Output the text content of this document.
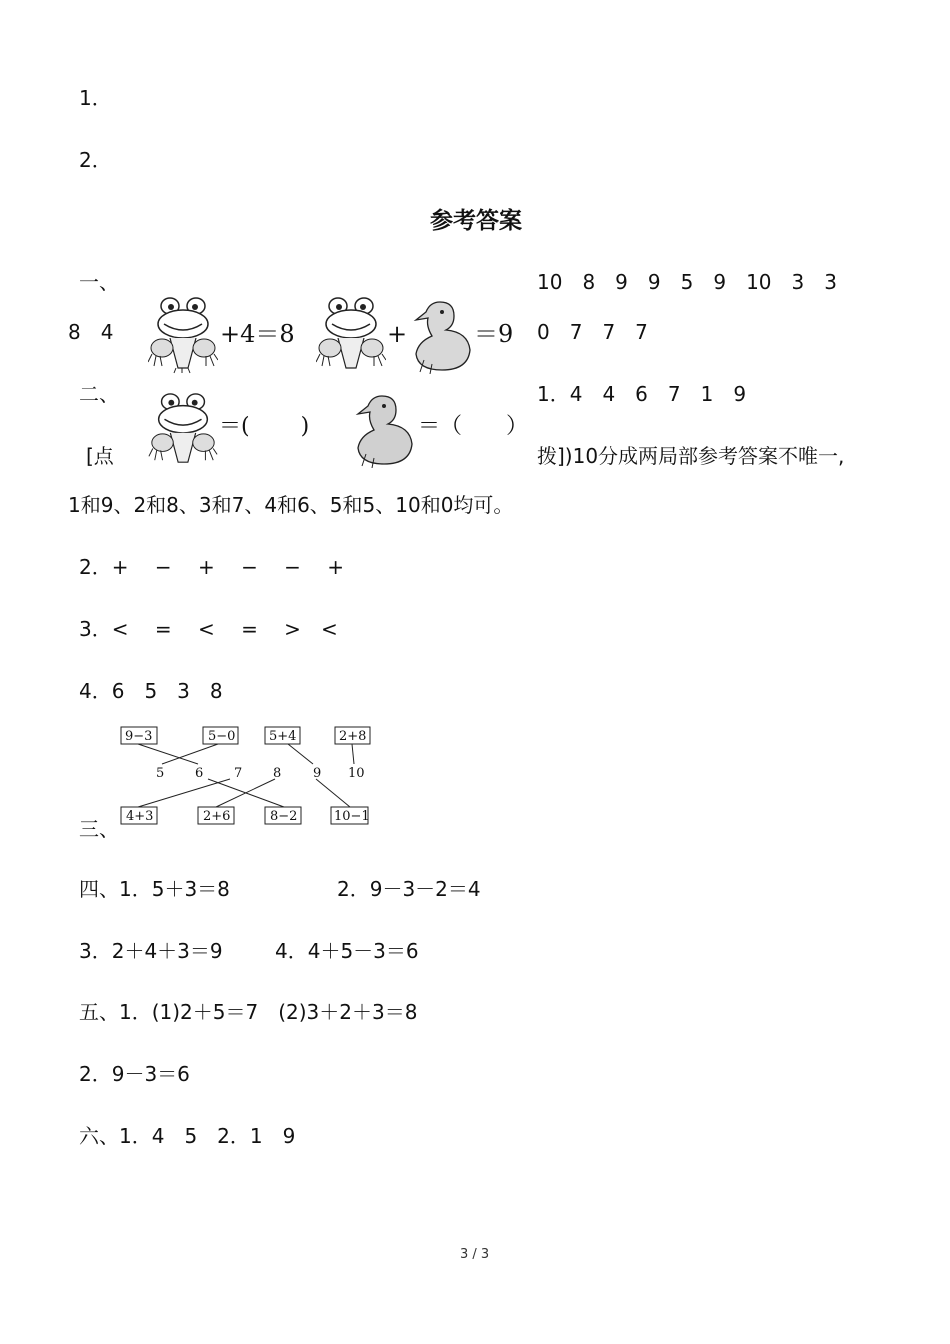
1．
2．
参考答案
一、	10　8　9　9　5　9　10　3　3
8　4	0　7　7　7
+4＝8	+	＝9
二、	1．4　4　6　7　1　9
＝(　　 )	＝（　　）
[点	拨])10分成两局部参考答案不唯一,
1和9、2和8、3和7、4和6、5和5、10和0均可。
2．+　 −　 +　 −　 −　 +
3．<　 =　 <　 =　 >　<
4．6　5　3　8
9−3	5−0	5+4	2+8
5 6 7 8 9 10
4+3	2+6	8−2	10−1
三、
四、1．5＋3＝8	2．9－3－2＝4
3．2＋4＋3＝9	4．4＋5－3＝6
五、1．(1)2＋5＝7　(2)3＋2＋3＝8
2．9－3＝6
六、1．4　5　2．1　9
3 / 3
